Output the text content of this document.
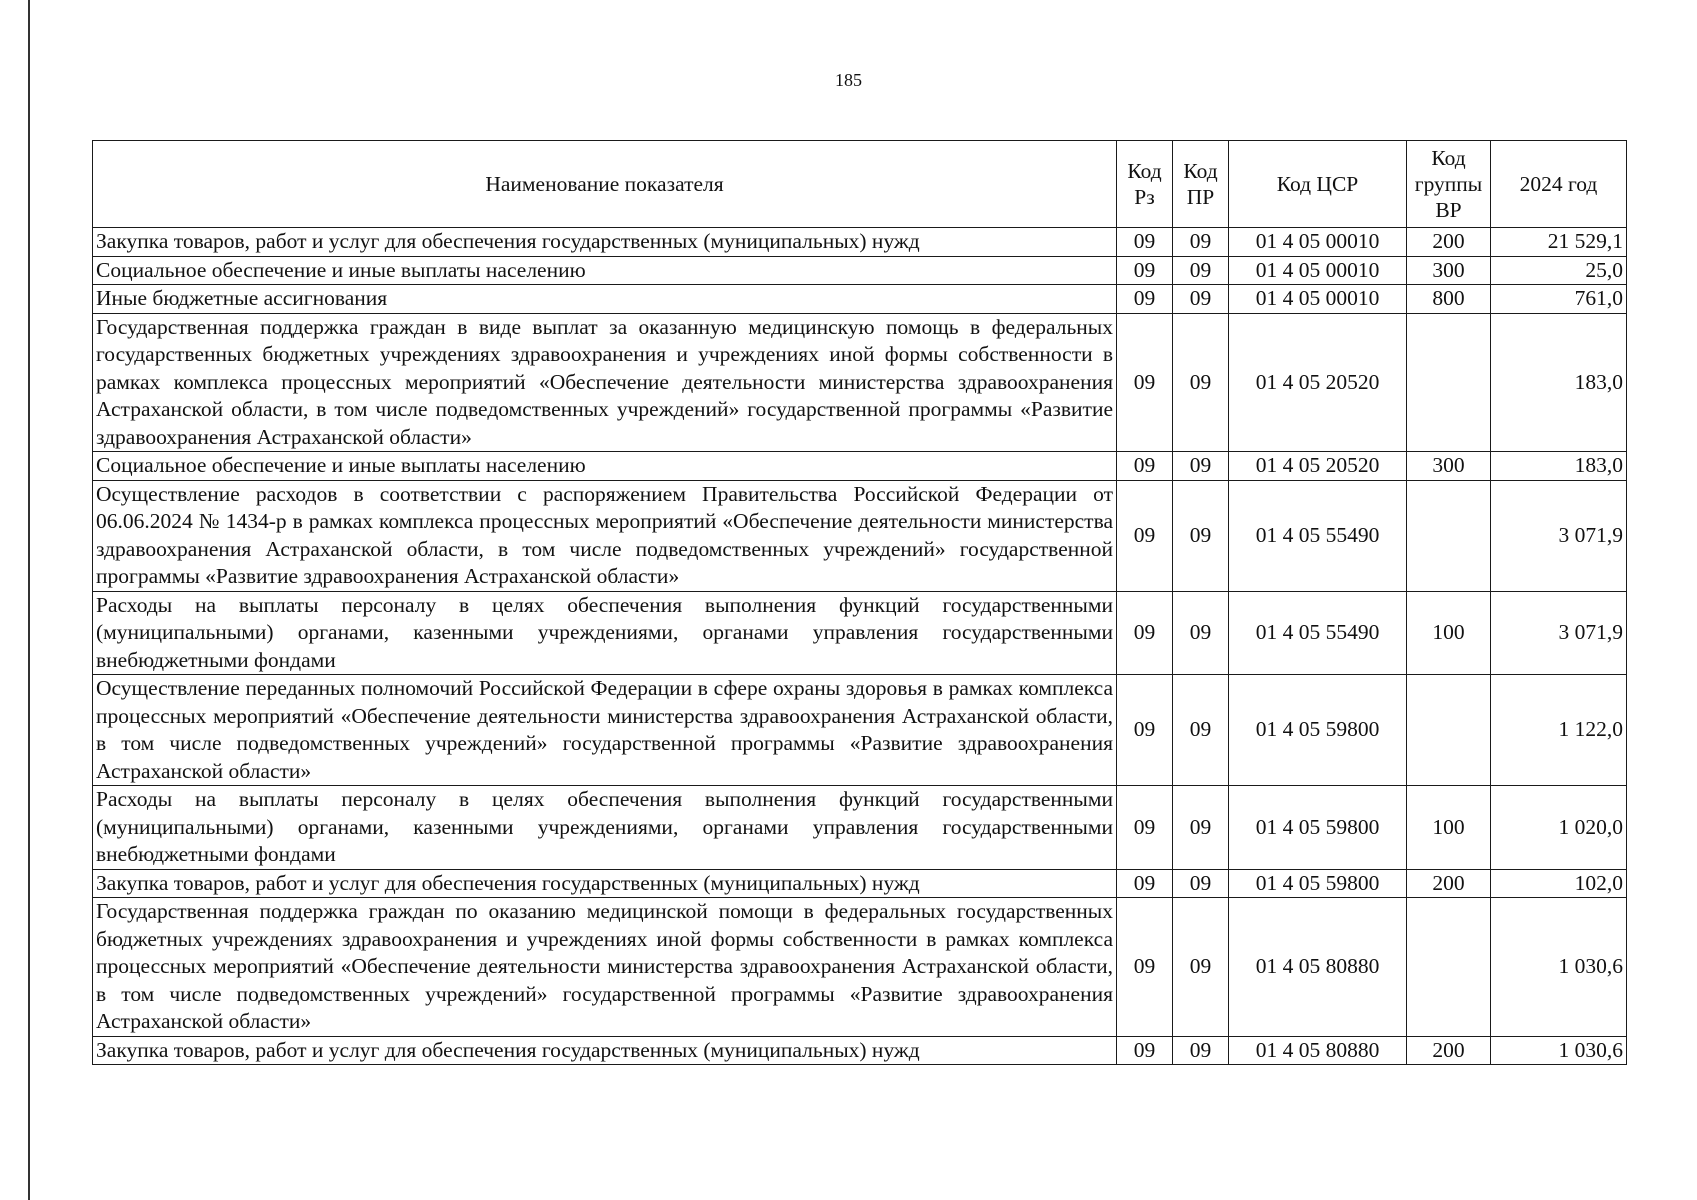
185
Наименование показателя	Код Рз	Код ПР	Код ЦСР	Код группы ВР	2024 год
Закупка товаров, работ и услуг для обеспечения государственных (муниципальных) нужд	09	09	01 4 05 00010	200	21 529,1
Социальное обеспечение и иные выплаты населению	09	09	01 4 05 00010	300	25,0
Иные бюджетные ассигнования	09	09	01 4 05 00010	800	761,0
Государственная поддержка граждан в виде выплат за оказанную медицинскую помощь в федеральных государственных бюджетных учреждениях здравоохранения и учреждениях иной формы собственности в рамках комплекса процессных мероприятий «Обеспечение деятельности министерства здравоохранения Астраханской области, в том числе подведомственных учреждений» государственной программы «Развитие здравоохранения Астраханской области»	09	09	01 4 05 20520		183,0
Социальное обеспечение и иные выплаты населению	09	09	01 4 05 20520	300	183,0
Осуществление расходов в соответствии с распоряжением Правительства Российской Федерации от 06.06.2024 № 1434-р в рамках комплекса процессных мероприятий «Обеспечение деятельности министерства здравоохранения Астраханской области, в том числе подведомственных учреждений» государственной программы «Развитие здравоохранения Астраханской области»	09	09	01 4 05 55490		3 071,9
Расходы на выплаты персоналу в целях обеспечения выполнения функций государственными (муниципальными) органами, казенными учреждениями, органами управления государственными внебюджетными фондами	09	09	01 4 05 55490	100	3 071,9
Осуществление переданных полномочий Российской Федерации в сфере охраны здоровья в рамках комплекса процессных мероприятий «Обеспечение деятельности министерства здравоохранения Астраханской области, в том числе подведомственных учреждений» государственной программы «Развитие здравоохранения Астраханской области»	09	09	01 4 05 59800		1 122,0
Расходы на выплаты персоналу в целях обеспечения выполнения функций государственными (муниципальными) органами, казенными учреждениями, органами управления государственными внебюджетными фондами	09	09	01 4 05 59800	100	1 020,0
Закупка товаров, работ и услуг для обеспечения государственных (муниципальных) нужд	09	09	01 4 05 59800	200	102,0
Государственная поддержка граждан по оказанию медицинской помощи в федеральных государственных бюджетных учреждениях здравоохранения и учреждениях иной формы собственности в рамках комплекса процессных мероприятий «Обеспечение деятельности министерства здравоохранения Астраханской области, в том числе подведомственных учреждений» государственной программы «Развитие здравоохранения Астраханской области»	09	09	01 4 05 80880		1 030,6
Закупка товаров, работ и услуг для обеспечения государственных (муниципальных) нужд	09	09	01 4 05 80880	200	1 030,6
